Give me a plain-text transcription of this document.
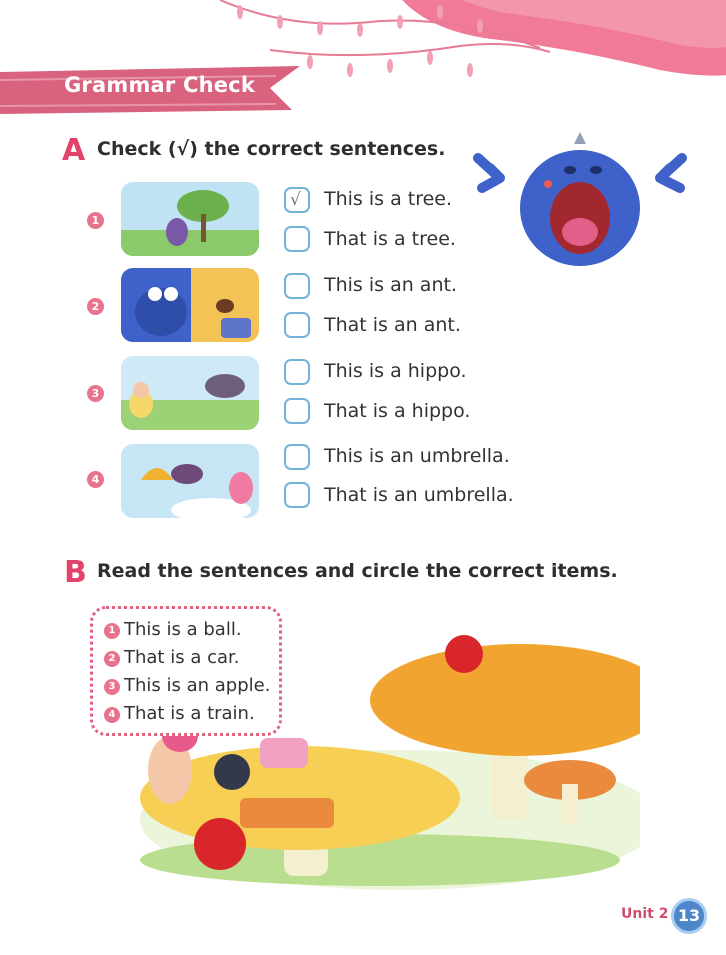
Grammar Check
A Check (√) the correct sentences.
1
2
3
4
√ This is a tree.
That is a tree.
This is an ant.
That is an ant.
This is a hippo.
That is a hippo.
This is an umbrella.
That is an umbrella.
B Read the sentences and circle the correct items.
1 This is a ball.
2 That is a car.
3 This is an apple.
4 That is a train.
Unit 2 13
